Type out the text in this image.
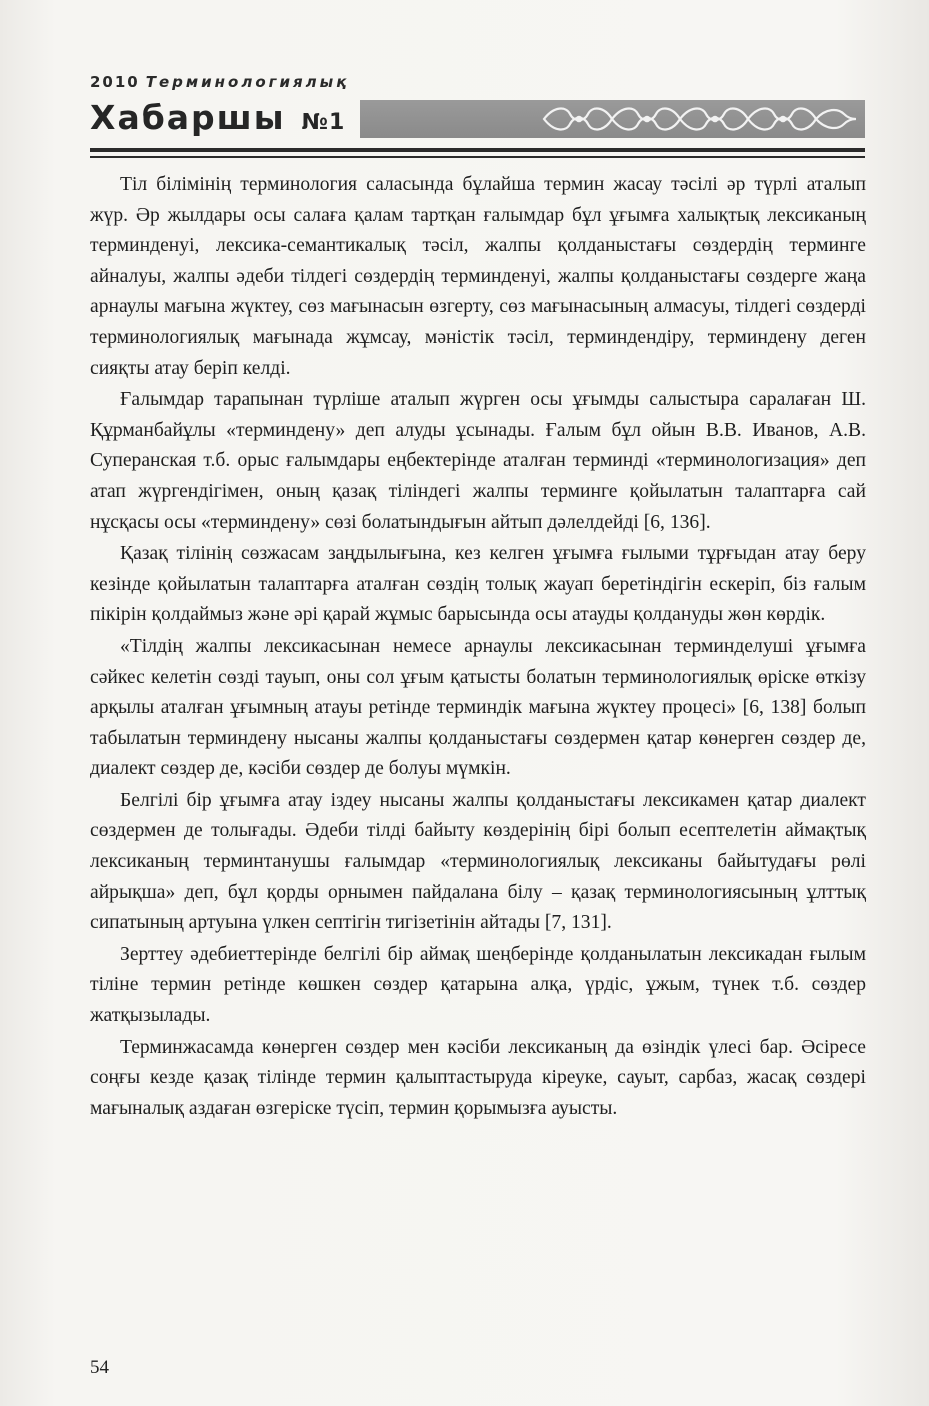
2010 Терминологиялық
Хабаршы №1

Тіл білімінің терминология саласында бұлайша термин жасау тәсілі әр түрлі аталып жүр. Әр жылдары осы салаға қалам тартқан ғалымдар бұл ұғымға халықтық лексиканың терминденуі, лексика-семантикалық тәсіл, жалпы қолданыстағы сөздердің терминге айналуы, жалпы әдеби тілдегі сөздердің терминденуі, жалпы қолданыстағы сөздерге жаңа арнаулы мағына жүктеу, сөз мағынасын өзгерту, сөз мағынасының алмасуы, тілдегі сөздерді терминологиялық мағынада жұмсау, мәністік тәсіл, терминдендіру, терминдену деген сияқты атау беріп келді.

Ғалымдар тарапынан түрліше аталып жүрген осы ұғымды салыстыра саралаған Ш. Құрманбайұлы «терминдену» деп алуды ұсынады. Ғалым бұл ойын В.В. Иванов, А.В. Суперанская т.б. орыс ғалымдары еңбектерінде аталған терминді «терминологизация» деп атап жүргендігімен, оның қазақ тіліндегі жалпы терминге қойылатын талаптарға сай нұсқасы осы «терминдену» сөзі болатындығын айтып дәлелдейді [6, 136].

Қазақ тілінің сөзжасам заңдылығына, кез келген ұғымға ғылыми тұрғыдан атау беру кезінде қойылатын талаптарға аталған сөздің толық жауап беретіндігін ескеріп, біз ғалым пікірін қолдаймыз және әрі қарай жұмыс барысында осы атауды қолдануды жөн көрдік.

«Тілдің жалпы лексикасынан немесе арнаулы лексикасынан терминделуші ұғымға сәйкес келетін сөзді тауып, оны сол ұғым қатысты болатын терминологиялық өріске өткізу арқылы аталған ұғымның атауы ретінде терминдік мағына жүктеу процесі» [6, 138] болып табылатын терминдену нысаны жалпы қолданыстағы сөздермен қатар көнерген сөздер де, диалект сөздер де, кәсіби сөздер де болуы мүмкін.

Белгілі бір ұғымға атау іздеу нысаны жалпы қолданыстағы лексикамен қатар диалект сөздермен де толығады. Әдеби тілді байыту көздерінің бірі болып есептелетін аймақтық лексиканың терминтанушы ғалымдар «терминологиялық лексиканы байытудағы рөлі айрықша» деп, бұл қорды орнымен пайдалана білу – қазақ терминологиясының ұлттық сипатының артуына үлкен септігін тигізетінін айтады [7, 131].

Зерттеу әдебиеттерінде белгілі бір аймақ шеңберінде қолданылатын лексикадан ғылым тіліне термин ретінде көшкен сөздер қатарына алқа, үрдіс, ұжым, түнек т.б. сөздер жатқызылады.

Терминжасамда көнерген сөздер мен кәсіби лексиканың да өзіндік үлесі бар. Әсіресе соңғы кезде қазақ тілінде термин қалыптастыруда кіреуке, сауыт, сарбаз, жасақ сөздері мағыналық аздаған өзгеріске түсіп, термин қорымызға ауысты.

54
